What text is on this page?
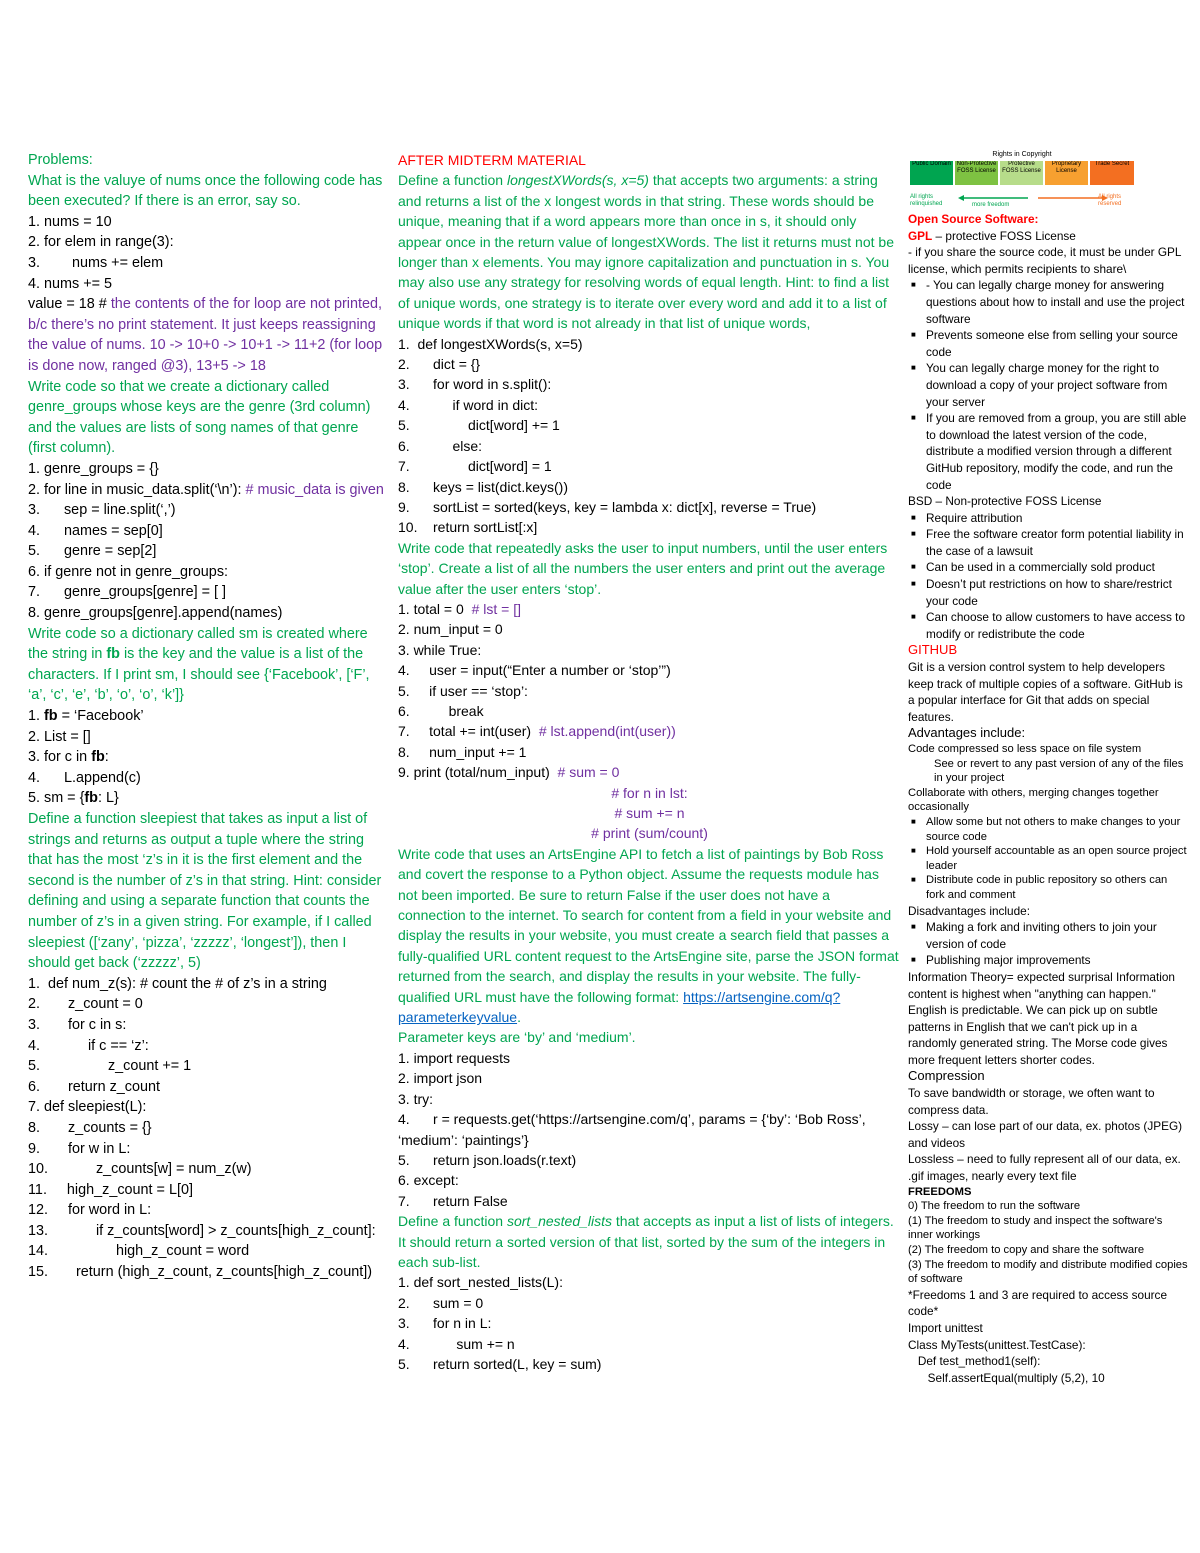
Problems:
What is the valuye of nums once the following code has been executed? If there is an error, say so.
1. nums = 10
2. for elem in range(3):
3.        nums += elem
4. nums += 5
value = 18 # the contents of the for loop are not printed, b/c there’s no print statement. It just keeps reassigning the value of nums. 10 -> 10+0 -> 10+1 -> 11+2 (for loop is done now, ranged @3), 13+5 -> 18
Write code so that we create a dictionary called genre_groups whose keys are the genre (3rd column) and the values are lists of song names of that genre (first column).
1. genre_groups = {}
2. for line in music_data.split(‘\n’): # music_data is given
3.      sep = line.split(‘,’)
4.      names = sep[0]
5.      genre = sep[2]
6. if genre not in genre_groups:
7.      genre_groups[genre] = [ ]
8. genre_groups[genre].append(names)
Write code so a dictionary called sm is created where the string in fb is the key and the value is a list of the characters. If I print sm, I should see {‘Facebook’, [‘F’, ‘a’, ‘c’, ‘e’, ‘b’, ‘o’, ‘o’, ‘k’]}
1. fb = ‘Facebook’
2. List = []
3. for c in fb:
4.      L.append(c)
5. sm = {fb: L}
Define a function sleepiest that takes as input a list of strings and returns as output a tuple where the string that has the most ‘z’s in it is the first element and the second is the number of z’s in that string. Hint: consider defining and using a separate function that counts the number of z’s in a given string. For example, if I called sleepiest ([‘zany’, ‘pizza’, ‘zzzzz’, ‘longest’]), then I should get back (‘zzzzz’, 5)
1.  def num_z(s): # count the # of z’s in a string
2.       z_count = 0
3.       for c in s:
4.            if c == ‘z’:
5.                 z_count += 1
6.       return z_count
7. def sleepiest(L):
8.       z_counts = {}
9.       for w in L:
10.            z_counts[w] = num_z(w)
11.     high_z_count = L[0]
12.     for word in L:
13.            if z_counts[word] > z_counts[high_z_count]:
14.                 high_z_count = word
15.       return (high_z_count, z_counts[high_z_count])
AFTER MIDTERM MATERIAL
Define a function longestXWords(s, x=5) that accepts two arguments: a string and returns a list of the x longest words in that string. These words should be unique, meaning that if a word appears more than once in s, it should only appear once in the return value of longestXWords. The list it returns must not be longer than x elements. You may ignore capitalization and punctuation in s. You may also use any strategy for resolving words of equal length. Hint: to find a list of unique words, one strategy is to iterate over every word and add it to a list of unique words if that word is not already in that list of unique words,
1.  def longestXWords(s, x=5)
2.      dict = {}
3.      for word in s.split():
4.           if word in dict:
5.               dict[word] += 1
6.           else:
7.               dict[word] = 1
8.      keys = list(dict.keys())
9.      sortList = sorted(keys, key = lambda x: dict[x], reverse = True)
10.    return sortList[:x]
Write code that repeatedly asks the user to input numbers, until the user enters ‘stop’. Create a list of all the numbers the user enters and print out the average value after the user enters ‘stop’.
1. total = 0  # lst = []
2. num_input = 0
3. while True:
4.     user = input(“Enter a number or ‘stop’”)
5.     if user == ‘stop’:
6.          break
7.     total += int(user)  # lst.append(int(user))
8.     num_input += 1
9. print (total/num_input)  # sum = 0
# for n in lst:
# sum += n
# print (sum/count)
Write code that uses an ArtsEngine API to fetch a list of paintings by Bob Ross and covert the response to a Python object. Assume the requests module has not been imported. Be sure to return False if the user does not have a connection to the internet. To search for content from a field in your website and display the results in your website, you must create a search field that passes a fully-qualified URL content request to the ArtsEngine site, parse the JSON format returned from the search, and display the results in your website. The fully-qualified URL must have the following format: https://artsengine.com/q?parameterkeyvalue.
Parameter keys are ‘by’ and ‘medium’.
1. import requests
2. import json
3. try:
4.      r = requests.get(‘https://artsengine.com/q’, params = {‘by’: ‘Bob Ross’, ‘medium’: ‘paintings’}
5.      return json.loads(r.text)
6. except:
7.      return False
Define a function sort_nested_lists that accepts as input a list of lists of integers. It should return a sorted version of that list, sorted by the sum of the integers in each sub-list.
1. def sort_nested_lists(L):
2.      sum = 0
3.      for n in L:
4.            sum += n
5.      return sorted(L, key = sum)
Rights in Copyright
Public Domain Non-Protective FOSS License
Protective FOSS License
Proprietary License
Trade Secret
All rights relinquished	more freedom
All rights reserved
Open Source Software:
GPL – protective FOSS License
- if you share the source code, it must be under GPL license, which permits recipients to share\
■ - You can legally charge money for answering questions about how to install and use the project software
■ Prevents someone else from selling your source code
■ You can legally charge money for the right to download a copy of your project software from your server
■ If you are removed from a group, you are still able to download the latest version of the code, distribute a modified version through a different GitHub repository, modify the code, and run the code
BSD – Non-protective FOSS License
■ Require attribution
■ Free the software creator form potential liability in the case of a lawsuit
■ Can be used in a commercially sold product
■ Doesn’t put restrictions on how to share/restrict your code
■ Can choose to allow customers to have access to modify or redistribute the code
GITHUB
Git is a version control system to help developers keep track of multiple copies of a software. GitHub is a popular interface for Git that adds on special features.
Advantages include:
Code compressed so less space on file system
See or revert to any past version of any of the files in your project
Collaborate with others, merging changes together occasionally
■ Allow some but not others to make changes to your source code
■ Hold yourself accountable as an open source project leader
■ Distribute code in public repository so others can fork and comment
Disadvantages include:
■ Making a fork and inviting others to join your version of code
■ Publishing major improvements
Information Theory= expected surprisal Information content is highest when "anything can happen." English is predictable. We can pick up on subtle patterns in English that we can't pick up in a randomly generated string. The Morse code gives more frequent letters shorter codes.
Compression
To save bandwidth or storage, we often want to compress data.
Lossy – can lose part of our data, ex. photos (JPEG) and videos
Lossless – need to fully represent all of our data, ex. .gif images, nearly every text file
FREEDOMS
0) The freedom to run the software
(1) The freedom to study and inspect the software's inner workings
(2) The freedom to copy and share the software
(3) The freedom to modify and distribute modified copies of software
*Freedoms 1 and 3 are required to access source code*
Import unittest
Class MyTests(unittest.TestCase):
Def test_method1(self):
Self.assertEqual(multiply (5,2), 10
